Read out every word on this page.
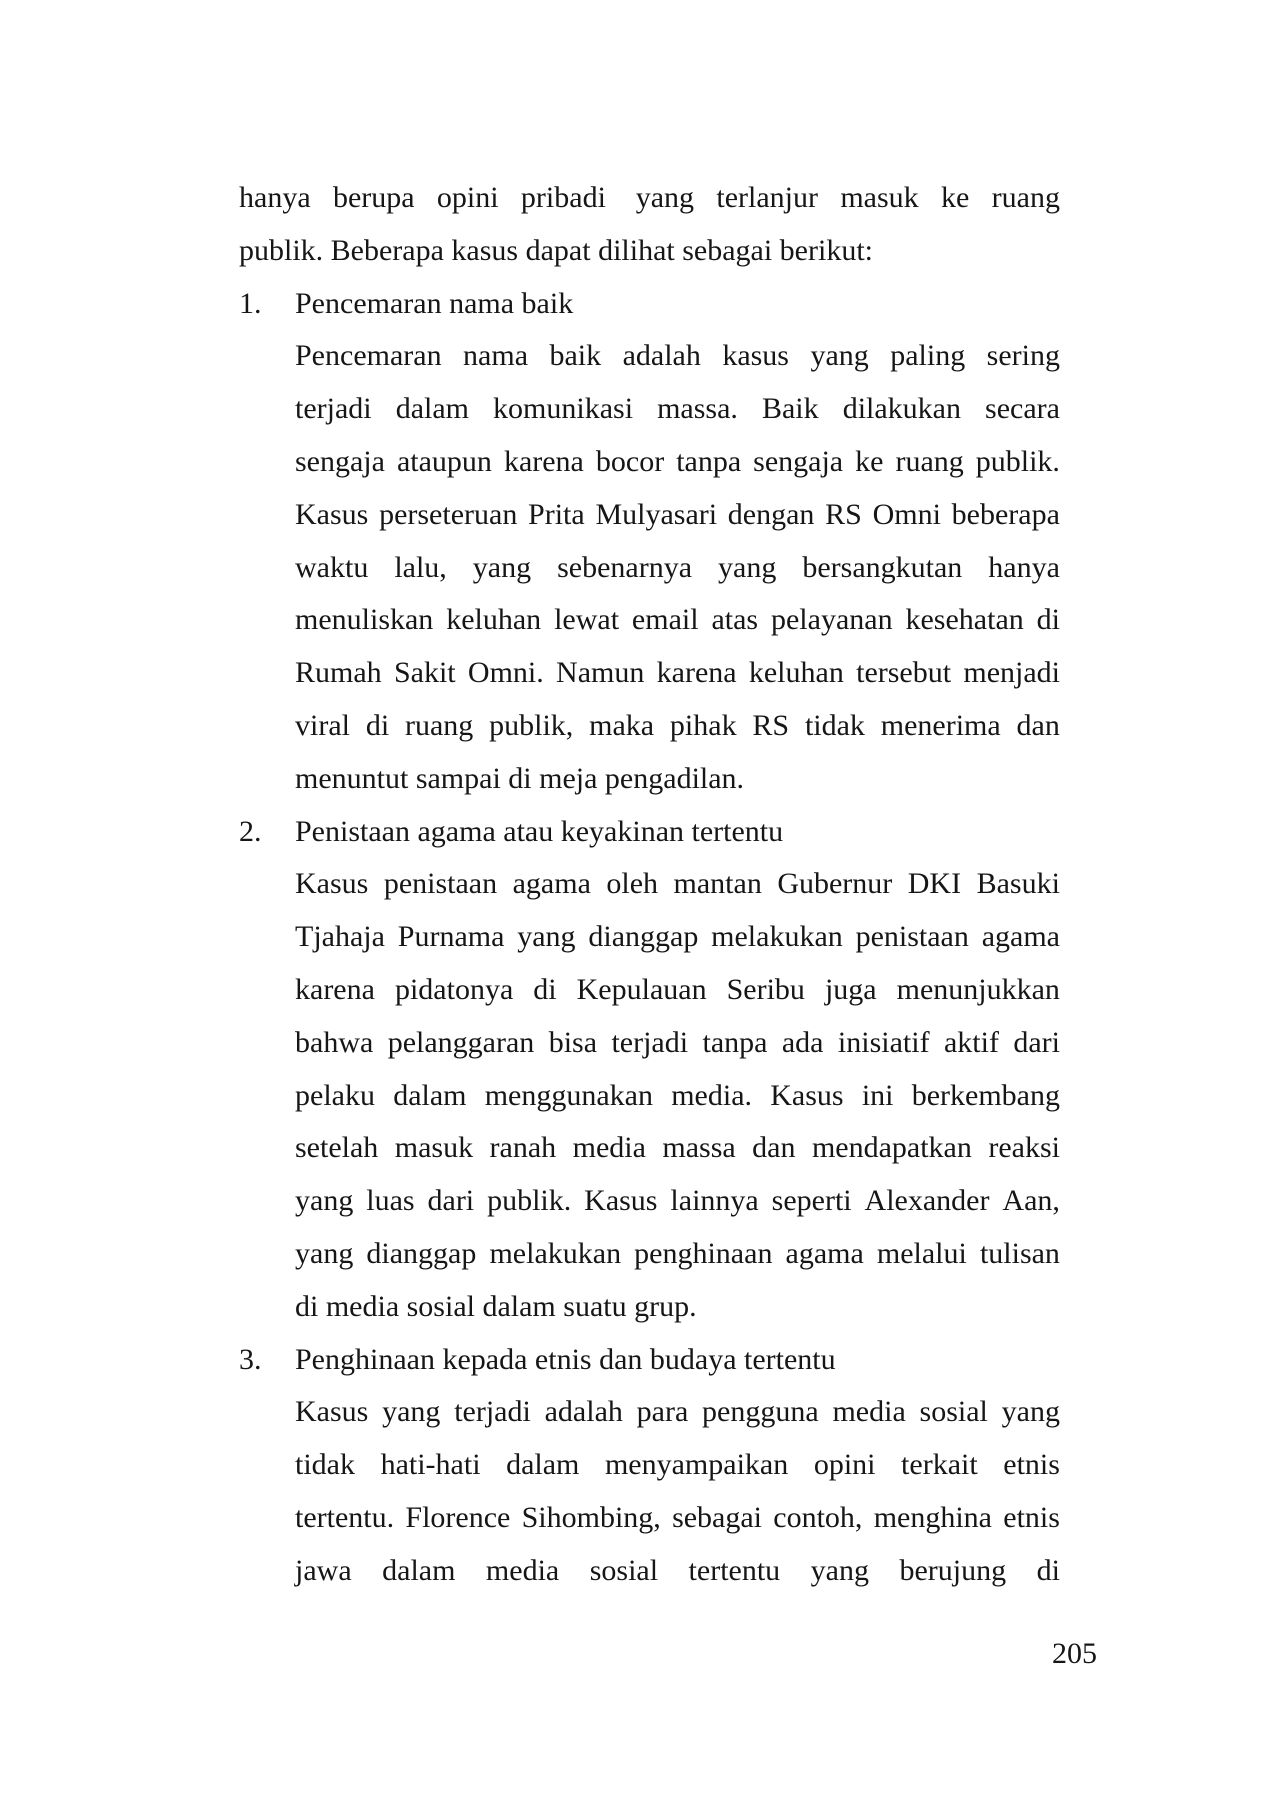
hanya berupa opini pribadi yang terlanjur masuk ke ruang
publik. Beberapa kasus dapat dilihat sebagai berikut:
1. Pencemaran nama baik
Pencemaran nama baik adalah kasus yang paling sering
terjadi dalam komunikasi massa. Baik dilakukan secara
sengaja ataupun karena bocor tanpa sengaja ke ruang publik.
Kasus perseteruan Prita Mulyasari dengan RS Omni beberapa
waktu lalu, yang sebenarnya yang bersangkutan hanya
menuliskan keluhan lewat email atas pelayanan kesehatan di
Rumah Sakit Omni. Namun karena keluhan tersebut menjadi
viral di ruang publik, maka pihak RS tidak menerima dan
menuntut sampai di meja pengadilan.
2. Penistaan agama atau keyakinan tertentu
Kasus penistaan agama oleh mantan Gubernur DKI Basuki
Tjahaja Purnama yang dianggap melakukan penistaan agama
karena pidatonya di Kepulauan Seribu juga menunjukkan
bahwa pelanggaran bisa terjadi tanpa ada inisiatif aktif dari
pelaku dalam menggunakan media. Kasus ini berkembang
setelah masuk ranah media massa dan mendapatkan reaksi
yang luas dari publik. Kasus lainnya seperti Alexander Aan,
yang dianggap melakukan penghinaan agama melalui tulisan
di media sosial dalam suatu grup.
3. Penghinaan kepada etnis dan budaya tertentu
Kasus yang terjadi adalah para pengguna media sosial yang
tidak hati-hati dalam menyampaikan opini terkait etnis
tertentu. Florence Sihombing, sebagai contoh, menghina etnis
jawa dalam media sosial tertentu yang berujung di
205
